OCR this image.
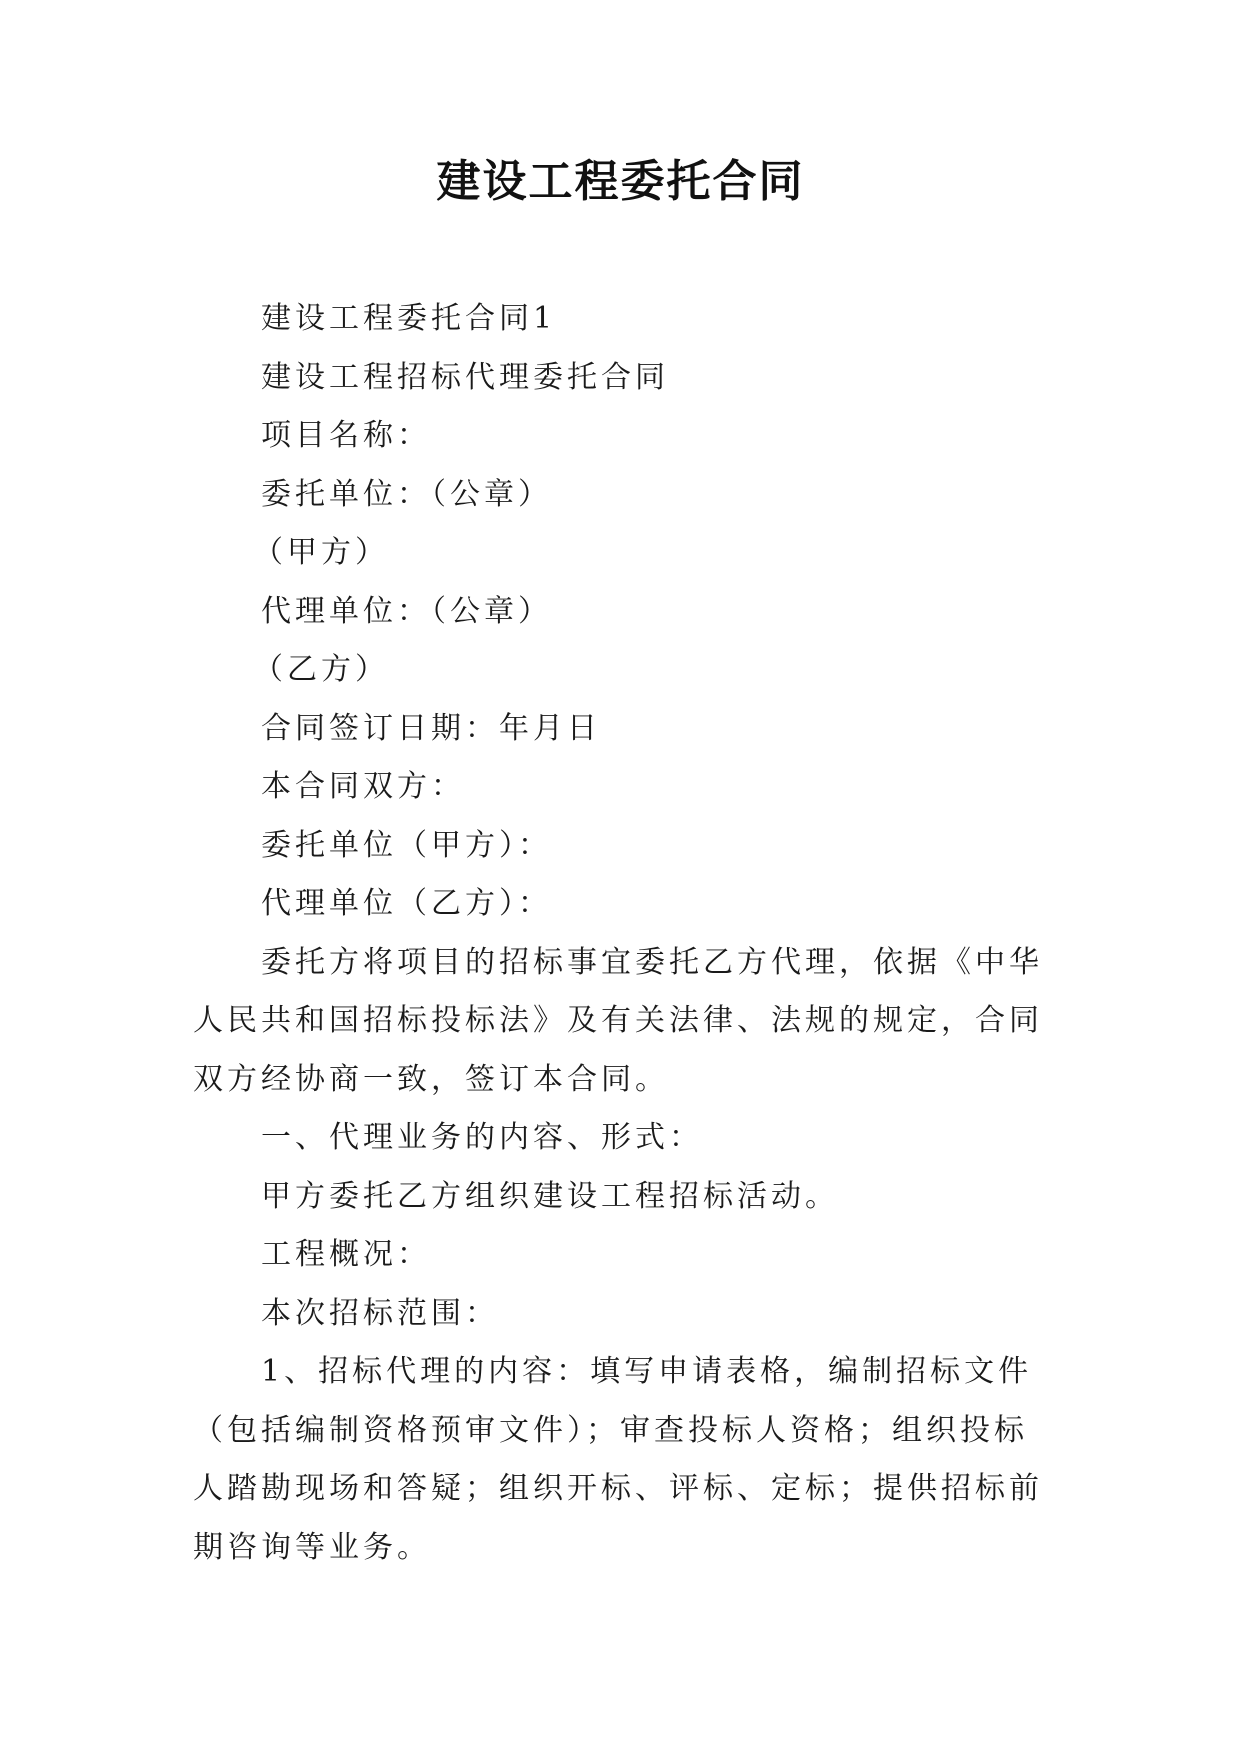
建设工程委托合同

建设工程委托合同1

建设工程招标代理委托合同

项目名称：

委托单位：（公章）

（甲方）

代理单位：（公章）

（乙方）

合同签订日期：年月日

本合同双方：

委托单位（甲方）：

代理单位（乙方）：

委托方将项目的招标事宜委托乙方代理，依据《中华人民共和国招标投标法》及有关法律、法规的规定，合同双方经协商一致，签订本合同。

一、代理业务的内容、形式：

甲方委托乙方组织建设工程招标活动。

工程概况：

本次招标范围：

1、招标代理的内容：填写申请表格，编制招标文件（包括编制资格预审文件）；审查投标人资格；组织投标人踏勘现场和答疑；组织开标、评标、定标；提供招标前期咨询等业务。
